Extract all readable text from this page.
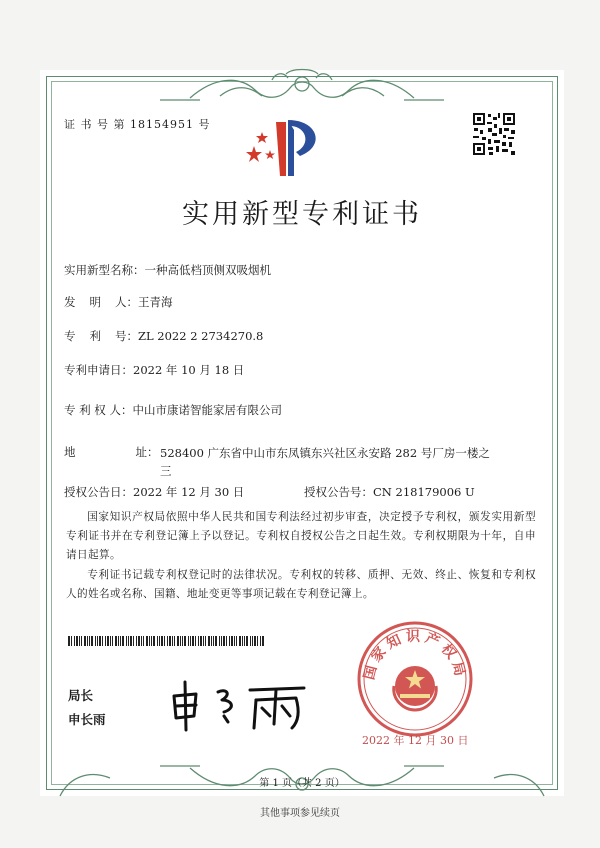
证 书 号 第 18154951 号
实用新型专利证书
实用新型名称：一种高低档顶侧双吸烟机
发明人：王青海
专利号：ZL 2022 2 2734270.8
专利申请日：2022 年 10 月 18 日
专 利 权 人：中山市康诺智能家居有限公司
地址： 528400 广东省中山市东凤镇东兴社区永安路 282 号厂房一楼之三
授权公告日：2022 年 12 月 30 日	授权公告号：CN 218179006 U
国家知识产权局依照中华人民共和国专利法经过初步审查，决定授予专利权，颁发实用新型专利证书并在专利登记簿上予以登记。专利权自授权公告之日起生效。专利权期限为十年，自申请日起算。
专利证书记载专利权登记时的法律状况。专利权的转移、质押、无效、终止、恢复和专利权人的姓名或名称、国籍、地址变更等事项记载在专利登记簿上。
局长
申长雨
国家知识产权局
2022 年 12 月 30 日
第 1 页（共 2 页）
其他事项参见续页
